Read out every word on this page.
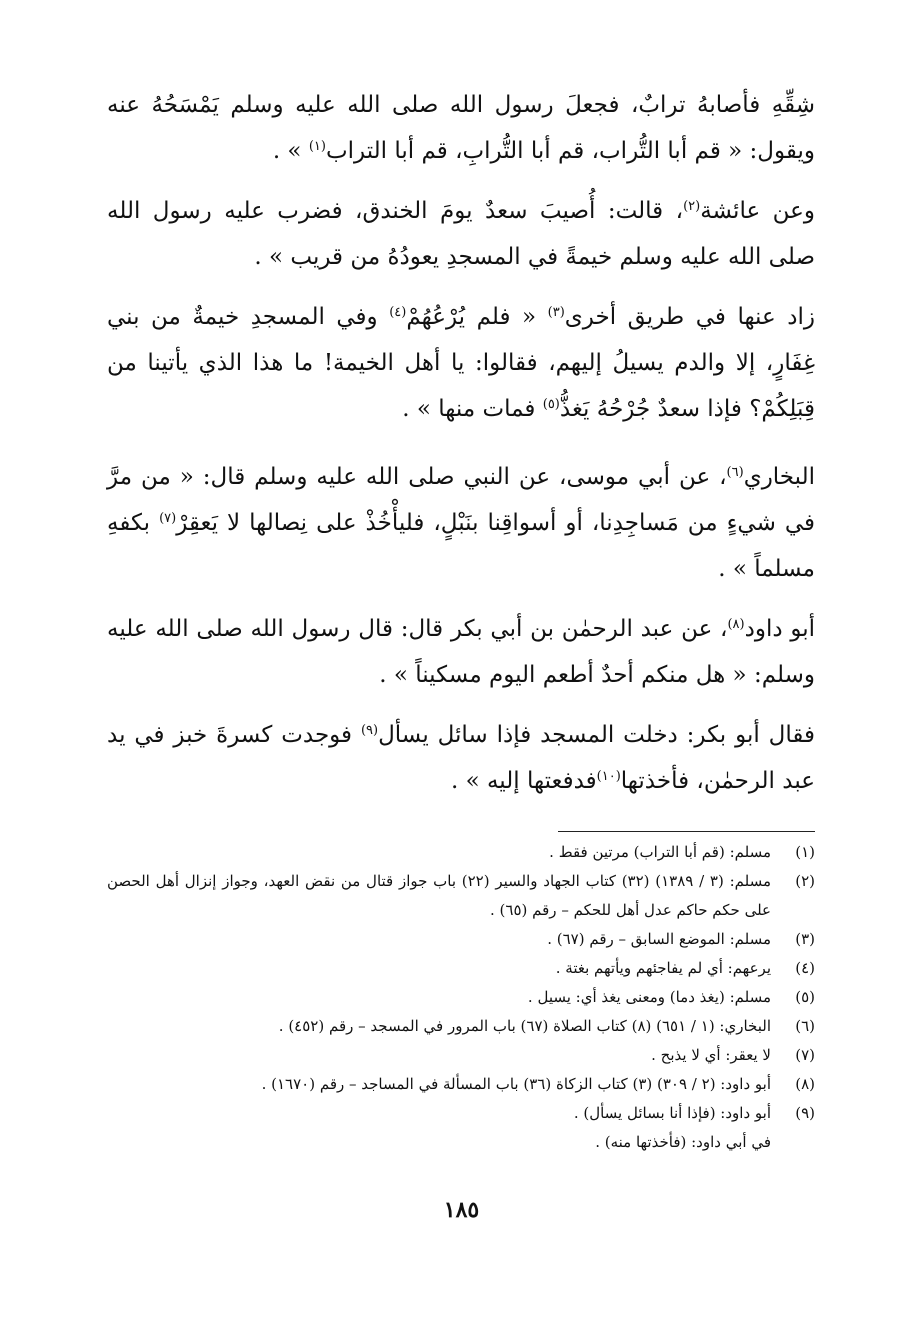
شِقِّهِ فأصابهُ ترابٌ، فجعلَ رسول الله صلى الله عليه وسلم يَمْسَحُهُ عنه ويقول: « قم أبا التُّراب، قم أبا التُّرابِ، قم أبا التراب$^{(١)}$ » .

وعن عائشة$^{(٢)}$، قالت: أُصيبَ سعدٌ يومَ الخندق، فضرب عليه رسول الله صلى الله عليه وسلم خيمةً في المسجدِ يعودُهُ من قريب » .

زاد عنها في طريق أخرى$^{(٣)}$ « فلم يُرْعُهُمْ$^{(٤)}$ وفي المسجدِ خيمةٌ من بني غِفَارٍ، إلا والدم يسيلُ إليهم، فقالوا: يا أهل الخيمة! ما هذا الذي يأتينا من قِبَلِكُمْ؟ فإذا سعدٌ جُرْحُهُ يَغذُّ$^{(٥)}$ فمات منها » .

البخاري$^{(٦)}$، عن أبي موسى، عن النبي صلى الله عليه وسلم قال: « من مرَّ في شيءٍ من مَساجِدِنا، أو أسواقِنا بنَبْلٍ، فليأْخُذْ على نِصالها لا يَعقِرْ$^{(٧)}$ بكفهِ مسلماً » .

أبو داود$^{(٨)}$، عن عبد الرحمٰن بن أبي بكر قال: قال رسول الله صلى الله عليه وسلم: « هل منكم أحدٌ أطعم اليوم مسكيناً » .

فقال أبو بكر: دخلت المسجد فإذا سائل يسأل$^{(٩)}$ فوجدت كسرةَ خبز في يد عبد الرحمٰن، فأخذتها$^{(١٠)}$فدفعتها إليه » .

(١)
مسلم: (قم أبا التراب) مرتين فقط .
(٢)
مسلم: (٣ / ١٣٨٩) (٣٢) كتاب الجهاد والسير (٢٢) باب جواز قتال من نقض العهد، وجواز إنزال أهل الحصن على حكم حاكم عدل أهل للحكم – رقم (٦٥) .
(٣)
مسلم: الموضع السابق – رقم (٦٧) .
(٤)
يرعهم: أي لم يفاجئهم ويأتهم بغتة .
(٥)
مسلم: (يغذ دما) ومعنى يغذ أي: يسيل .
(٦)
البخاري: (١ / ٦٥١) (٨) كتاب الصلاة (٦٧) باب المرور في المسجد – رقم (٤٥٢) .
(٧)
لا يعقر: أي لا يذبح .
(٨)
أبو داود: (٢ / ٣٠٩) (٣) كتاب الزكاة (٣٦) باب المسألة في المساجد – رقم (١٦٧٠) .
(٩)
أبو داود: (فإذا أنا بسائل يسأل) .
في أبي داود: (فأخذتها منه) .
١٨٥
